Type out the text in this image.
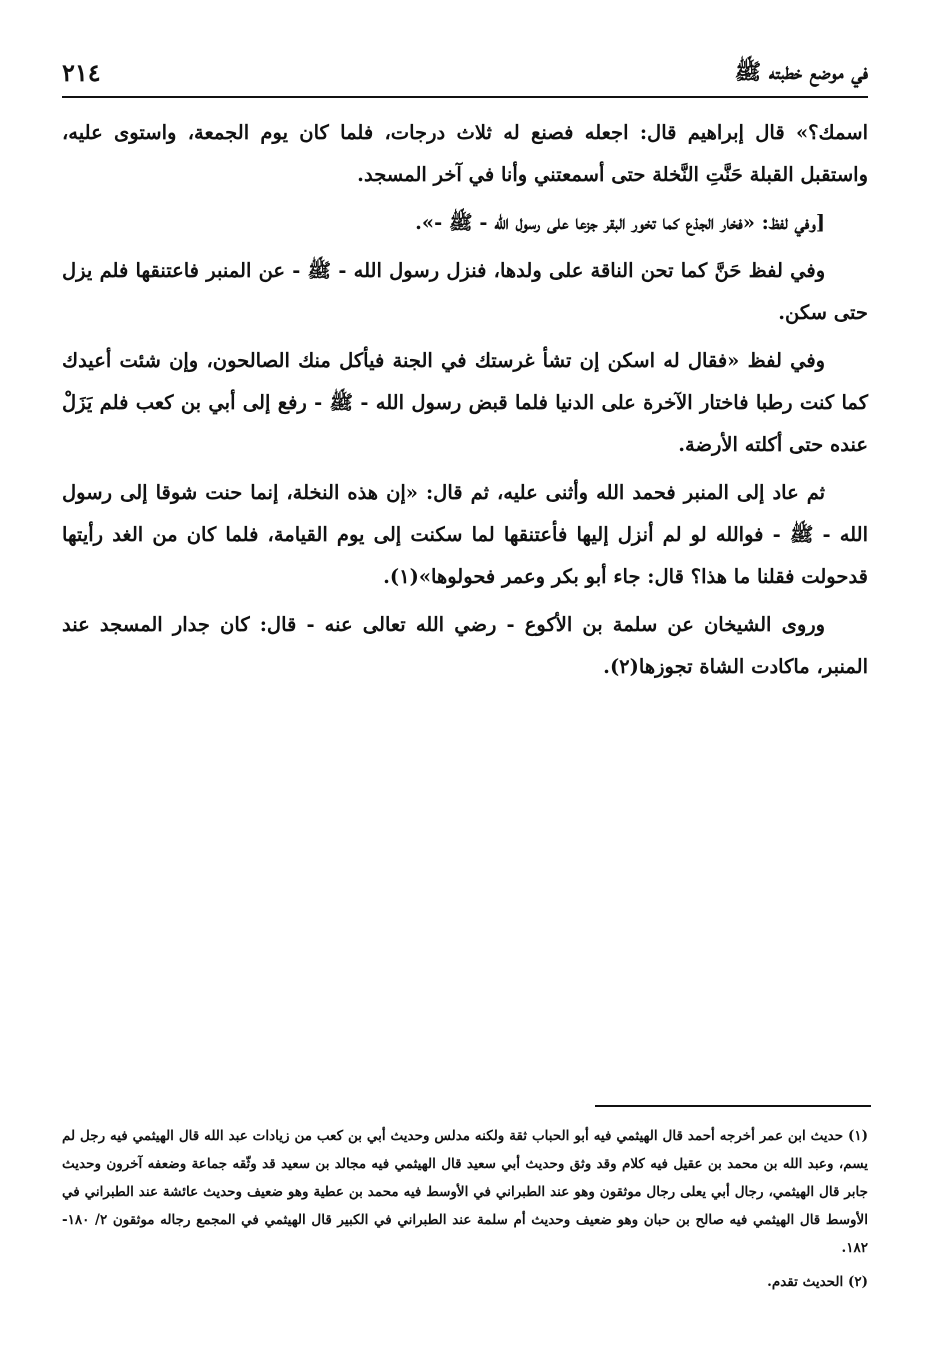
في موضع خطبته ﷺ
٢١٤

اسمك؟» قال إبراهيم قال: اجعله فصنع له ثلاث درجات، فلما كان يوم الجمعة، واستوى عليه، واستقبل القبلة حَنَّتِ النَّخلة حتى أسمعتني وأنا في آخر المسجد.

[وفي لفظ: «فخار الجذع كما تخور البقر جزعا على رسول الله - ﷺ -».

وفي لفظ حَنَّ كما تحن الناقة على ولدها، فنزل رسول الله - ﷺ - عن المنبر فاعتنقها فلم يزل حتى سكن.

وفي لفظ «فقال له اسكن إن تشأ غرستك في الجنة فيأكل منك الصالحون، وإن شئت أعيدك كما كنت رطبا فاختار الآخرة على الدنيا فلما قبض رسول الله - ﷺ - رفع إلى أبي بن كعب فلم يَزَلْ عنده حتى أكلته الأرضة.

ثم عاد إلى المنبر فحمد الله وأثنى عليه، ثم قال: «إن هذه النخلة، إنما حنت شوقا إلى رسول الله - ﷺ - فوالله لو لم أنزل إليها فأعتنقها لما سكنت إلى يوم القيامة، فلما كان من الغد رأيتها قدحولت فقلنا ما هذا؟ قال: جاء أبو بكر وعمر فحولوها»(١).

وروى الشيخان عن سلمة بن الأكوع - رضي الله تعالى عنه - قال: كان جدار المسجد عند المنبر، ماكادت الشاة تجوزها(٢).

(١) حديث ابن عمر أخرجه أحمد قال الهيثمي فيه أبو الحباب ثقة ولكنه مدلس وحديث أبي بن كعب من زيادات عبد الله قال الهيثمي فيه رجل لم يسم، وعبد الله بن محمد بن عقيل فيه كلام وقد وثق وحديث أبي سعيد قال الهيثمي فيه مجالد بن سعيد قد وثّقه جماعة وضعفه آخرون وحديث جابر قال الهيثمي، رجال أبي يعلى رجال موثقون وهو عند الطبراني في الأوسط فيه محمد بن عطية وهو ضعيف وحديث عائشة عند الطبراني في الأوسط قال الهيثمي فيه صالح بن حبان وهو ضعيف وحديث أم سلمة عند الطبراني في الكبير قال الهيثمي في المجمع رجاله موثقون ٢/ ١٨٠- ١٨٢.

(٢) الحديث تقدم.
